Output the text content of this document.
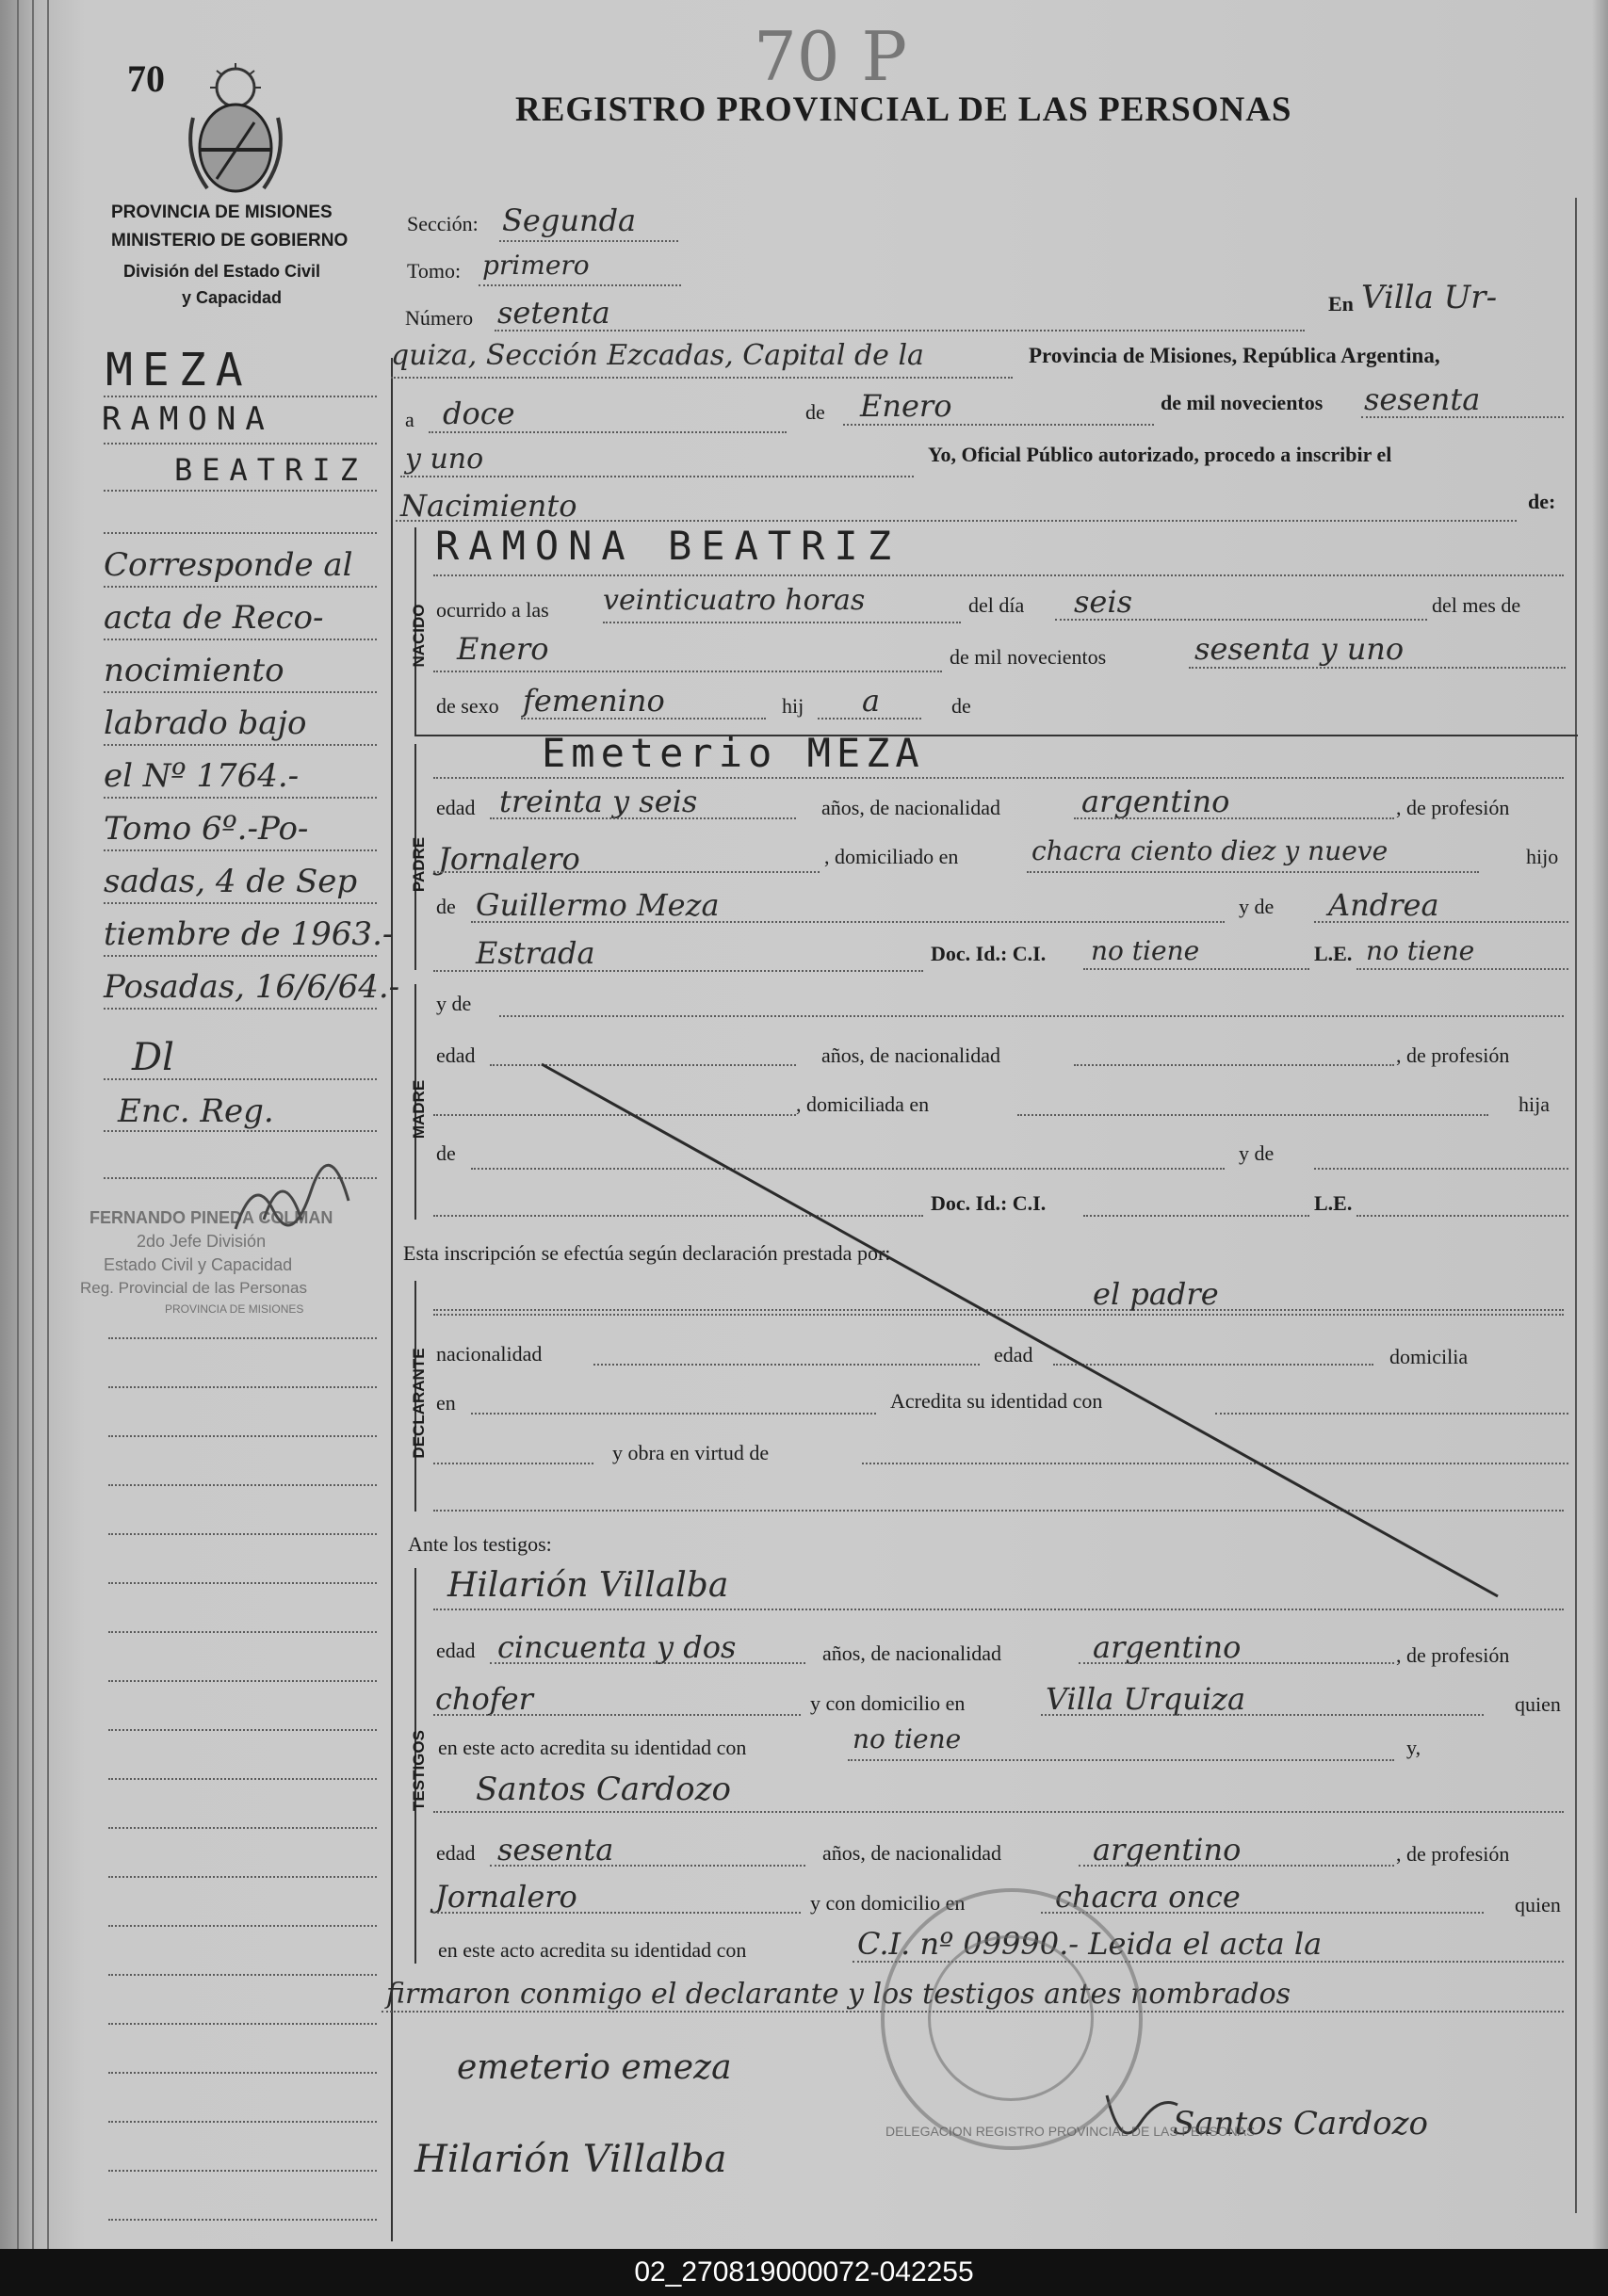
70	70 P
REGISTRO PROVINCIAL DE LAS PERSONAS
PROVINCIA DE MISIONES
MINISTERIO DE GOBIERNO
División del Estado Civil
y Capacidad
Sección: Segunda
Tomo: primero
Número setenta	En Villa Ur-
quiza, Sección Ezcadas, Capital de la	Provincia de Misiones, República Argentina,
a doce	de Enero	de mil novecientos sesenta
y uno	Yo, Oficial Público autorizado, procedo a inscribir el
Nacimiento	de:
MEZA
RAMONA
BEATRIZ
Corresponde al
acta de Reco-
nocimiento
labrado bajo
el Nº 1764.-
Tomo 6º.-Po-
sadas, 4 de Sep
tiembre de 1963.-
Posadas, 16/6/64.-
Dl
Enc. Reg.
FERNANDO PINEDA COLMAN
2do Jefe División
Estado Civil y Capacidad
Reg. Provincial de las Personas
PROVINCIA DE MISIONES
NACIDO
RAMONA BEATRIZ
ocurrido a las veinticuatro horas	del día seis	del mes de
Enero	de mil novecientos	sesenta y uno
de sexo femenino	hij a	de
PADRE
Emeterio MEZA
edad treinta y seis	años, de nacionalidad	argentino	, de profesión
Jornalero	, domiciliado en	chacra ciento diez y nueve	hijo
de Guillermo Meza	y de Andrea
Estrada	Doc. Id.: C.I. no tiene	L.E. no tiene
MADRE
y de
edad	años, de nacionalidad	, de profesión
, domiciliada en	hija
de	y de
Doc. Id.: C.I.	L.E.
Esta inscripción se efectúa según declaración prestada por:
DECLARANTE
el padre
nacionalidad	edad	domicilia
en	Acredita su identidad con
y obra en virtud de
Ante los testigos:
TESTIGOS
Hilarión Villalba
edad cincuenta y dos	años, de nacionalidad	argentino	, de profesión
chofer	y con domicilio en	Villa Urquiza	quien
en este acto acredita su identidad con	no tiene	y,
Santos Cardozo
edad sesenta	años, de nacionalidad	argentino	, de profesión
Jornalero	y con domicilio en	chacra once	quien
en este acto acredita su identidad con	C.I. nº 09990.- Leida el acta la
firmaron conmigo el declarante y los testigos antes nombrados
emeterio emeza
Hilarión Villalba
Santos Cardozo
DELEGACION REGISTRO PROVINCIAL DE LAS PERSONAS
02_270819000072-042255
